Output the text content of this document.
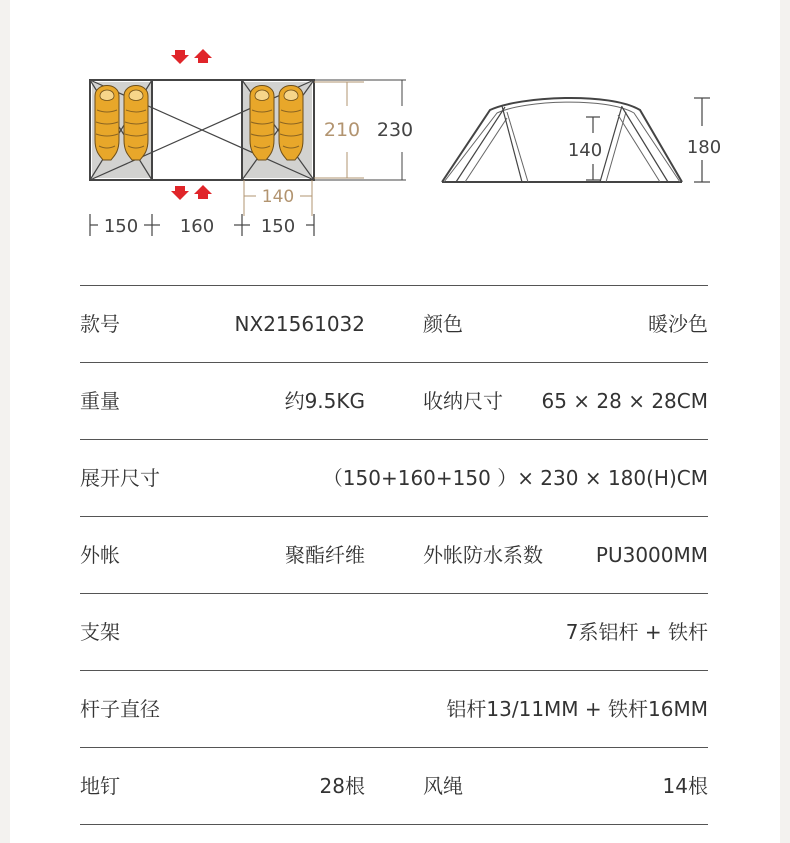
210 230
140
150 160	150
140	180
款号	NX21561032	颜色	暖沙色
重量	约9.5KG	收纳尺寸 65 × 28 × 28CM
展开尺寸	（150+160+150 ）× 230 × 180(H)CM
外帐	聚酯纤维	外帐防水系数	PU3000MM
支架	7系铝杆 + 铁杆
杆子直径	铝杆13/11MM + 铁杆16MM
地钉	28根	风绳	14根
